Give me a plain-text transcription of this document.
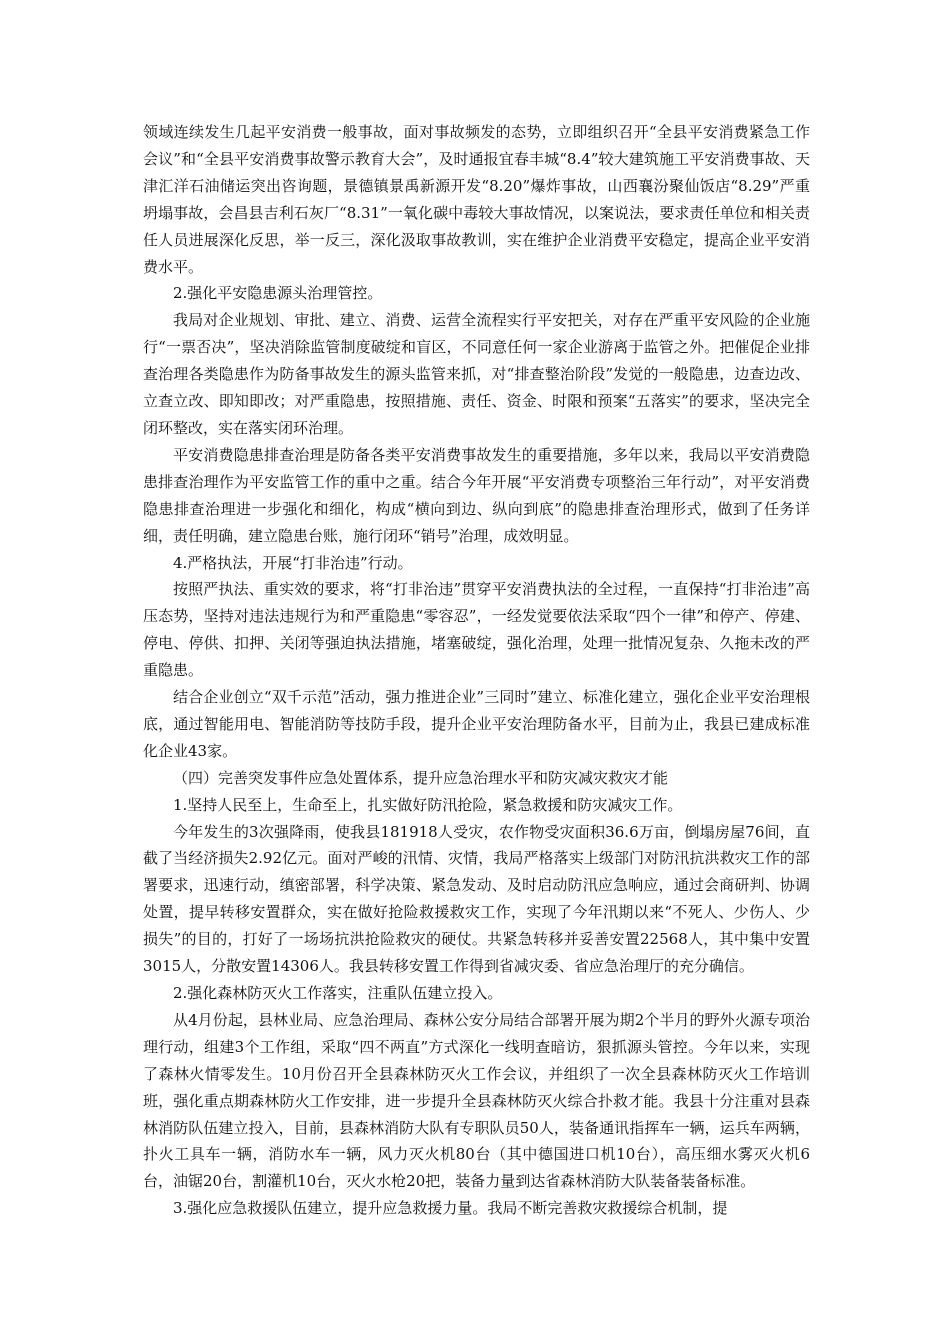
领域连续发生几起平安消费一般事故，面对事故频发的态势，立即组织召开“全县平安消费紧急工作会议”和“全县平安消费事故警示教育大会”，及时通报宜春丰城“8.4”较大建筑施工平安消费事故、天津汇洋石油储运突出咨询题，景德镇景禹新源开发“8.20”爆炸事故，山西襄汾聚仙饭店“8.29”严重坍塌事故，会昌县吉利石灰厂“8.31”一氧化碳中毒较大事故情况，以案说法，要求责任单位和相关责任人员进展深化反思，举一反三，深化汲取事故教训，实在维护企业消费平安稳定，提高企业平安消费水平。

2.强化平安隐患源头治理管控。

我局对企业规划、审批、建立、消费、运营全流程实行平安把关，对存在严重平安风险的企业施行“一票否决”，坚决消除监管制度破绽和盲区，不同意任何一家企业游离于监管之外。把催促企业排查治理各类隐患作为防备事故发生的源头监管来抓，对“排查整治阶段”发觉的一般隐患，边查边改、立查立改、即知即改；对严重隐患，按照措施、责任、资金、时限和预案“五落实”的要求，坚决完全闭环整改，实在落实闭环治理。

平安消费隐患排查治理是防备各类平安消费事故发生的重要措施，多年以来，我局以平安消费隐患排查治理作为平安监管工作的重中之重。结合今年开展“平安消费专项整治三年行动”，对平安消费隐患排查治理进一步强化和细化，构成“横向到边、纵向到底”的隐患排查治理形式，做到了任务详细，责任明确，建立隐患台账，施行闭环“销号”治理，成效明显。

4.严格执法，开展“打非治违”行动。

按照严执法、重实效的要求，将“打非治违”贯穿平安消费执法的全过程，一直保持“打非治违”高压态势，坚持对违法违规行为和严重隐患“零容忍”，一经发觉要依法采取“四个一律”和停产、停建、停电、停供、扣押、关闭等强迫执法措施，堵塞破绽，强化治理，处理一批情况复杂、久拖未改的严重隐患。

结合企业创立“双千示范”活动，强力推进企业”三同时”建立、标准化建立，强化企业平安治理根底，通过智能用电、智能消防等技防手段，提升企业平安治理防备水平，目前为止，我县已建成标准化企业43家。

（四）完善突发事件应急处置体系，提升应急治理水平和防灾减灾救灾才能

1.坚持人民至上，生命至上，扎实做好防汛抢险，紧急救援和防灾减灾工作。

今年发生的3次强降雨，使我县181918人受灾，农作物受灾面积36.6万亩，倒塌房屋76间，直截了当经济损失2.92亿元。面对严峻的汛情、灾情，我局严格落实上级部门对防汛抗洪救灾工作的部署要求，迅速行动，缜密部署，科学决策、紧急发动、及时启动防汛应急响应，通过会商研判、协调处置，提早转移安置群众，实在做好抢险救援救灾工作，实现了今年汛期以来“不死人、少伤人、少损失”的目的，打好了一场场抗洪抢险救灾的硬仗。共紧急转移并妥善安置22568人，其中集中安置3015人，分散安置14306人。我县转移安置工作得到省减灾委、省应急治理厅的充分确信。

2.强化森林防灭火工作落实，注重队伍建立投入。

从4月份起，县林业局、应急治理局、森林公安分局结合部署开展为期2个半月的野外火源专项治理行动，组建3个工作组，采取“四不两直”方式深化一线明查暗访，狠抓源头管控。今年以来，实现了森林火情零发生。10月份召开全县森林防灭火工作会议，并组织了一次全县森林防灭火工作培训班，强化重点期森林防火工作安排，进一步提升全县森林防灭火综合扑救才能。我县十分注重对县森林消防队伍建立投入，目前，县森林消防大队有专职队员50人，装备通讯指挥车一辆，运兵车两辆，扑火工具车一辆，消防水车一辆，风力灭火机80台（其中德国进口机10台），高压细水雾灭火机6台，油锯20台，割灌机10台，灭火水枪20把，装备力量到达省森林消防大队装备装备标准。

3.强化应急救援队伍建立，提升应急救援力量。我局不断完善救灾救援综合机制，提
